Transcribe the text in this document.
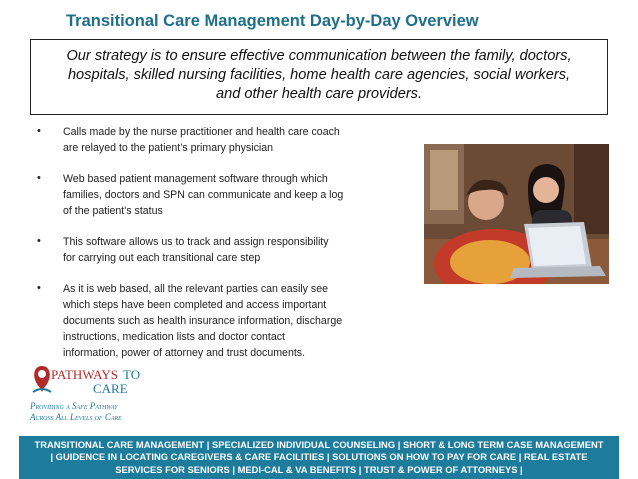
Transitional Care Management Day-by-Day Overview
Our strategy is to ensure effective communication between the family, doctors,
hospitals, skilled nursing facilities, home health care agencies, social workers,
and other health care providers.
• Calls made by the nurse practitioner and health care coach
are relayed to the patient’s primary physician
• Web based patient management software through which
families, doctors and SPN can communicate and keep a log
of the patient's status
• This software allows us to track and assign responsibility
for carrying out each transitional care step
• As it is web based, all the relevant parties can easily see
which steps have been completed and access important
documents such as health insurance information, discharge
instructions, medication lists and doctor contact
information, power of attorney and trust documents.
PATHWAYS TO
CARE
Providing a Safe Pathway
Across All Levels of Care
TRANSITIONAL CARE MANAGEMENT | SPECIALIZED INDIVIDUAL COUNSELING | SHORT & LONG TERM CASE MANAGEMENT
| GUIDENCE IN LOCATING CAREGIVERS & CARE FACILITIES | SOLUTIONS ON HOW TO PAY FOR CARE | REAL ESTATE
SERVICES FOR SENIORS | MEDI-CAL & VA BENEFITS | TRUST & POWER OF ATTORNEYS |
